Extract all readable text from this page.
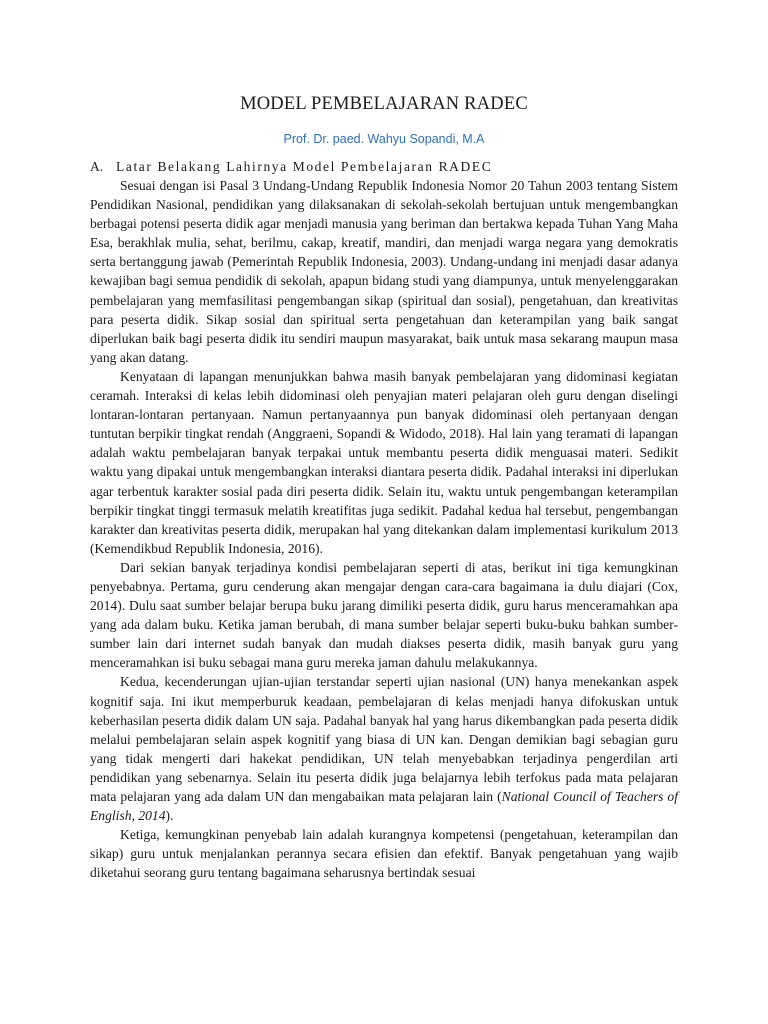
MODEL PEMBELAJARAN RADEC
Prof. Dr. paed. Wahyu Sopandi, M.A

A. Latar Belakang Lahirnya Model Pembelajaran RADEC

Sesuai dengan isi Pasal 3 Undang-Undang Republik Indonesia Nomor 20 Tahun 2003 tentang Sistem Pendidikan Nasional, pendidikan yang dilaksanakan di sekolah-sekolah bertujuan untuk mengembangkan berbagai potensi peserta didik agar menjadi manusia yang beriman dan bertakwa kepada Tuhan Yang Maha Esa, berakhlak mulia, sehat, berilmu, cakap, kreatif, mandiri, dan menjadi warga negara yang demokratis serta bertanggung jawab (Pemerintah Republik Indonesia, 2003). Undang-undang ini menjadi dasar adanya kewajiban bagi semua pendidik di sekolah, apapun bidang studi yang diampunya, untuk menyelenggarakan pembelajaran yang memfasilitasi pengembangan sikap (spiritual dan sosial), pengetahuan, dan kreativitas para peserta didik. Sikap sosial dan spiritual serta pengetahuan dan keterampilan yang baik sangat diperlukan baik bagi peserta didik itu sendiri maupun masyarakat, baik untuk masa sekarang maupun masa yang akan datang.

Kenyataan di lapangan menunjukkan bahwa masih banyak pembelajaran yang didominasi kegiatan ceramah. Interaksi di kelas lebih didominasi oleh penyajian materi pelajaran oleh guru dengan diselingi lontaran-lontaran pertanyaan. Namun pertanyaannya pun banyak didominasi oleh pertanyaan dengan tuntutan berpikir tingkat rendah (Anggraeni, Sopandi & Widodo, 2018). Hal lain yang teramati di lapangan adalah waktu pembelajaran banyak terpakai untuk membantu peserta didik menguasai materi. Sedikit waktu yang dipakai untuk mengembangkan interaksi diantara peserta didik. Padahal interaksi ini diperlukan agar terbentuk karakter sosial pada diri peserta didik. Selain itu, waktu untuk pengembangan keterampilan berpikir tingkat tinggi termasuk melatih kreatifitas juga sedikit. Padahal kedua hal tersebut, pengembangan karakter dan kreativitas peserta didik, merupakan hal yang ditekankan dalam implementasi kurikulum 2013 (Kemendikbud Republik Indonesia, 2016).

Dari sekian banyak terjadinya kondisi pembelajaran seperti di atas, berikut ini tiga kemungkinan penyebabnya. Pertama, guru cenderung akan mengajar dengan cara-cara bagaimana ia dulu diajari (Cox, 2014). Dulu saat sumber belajar berupa buku jarang dimiliki peserta didik, guru harus menceramahkan apa yang ada dalam buku. Ketika jaman berubah, di mana sumber belajar seperti buku-buku bahkan sumber-sumber lain dari internet sudah banyak dan mudah diakses peserta didik, masih banyak guru yang menceramahkan isi buku sebagai mana guru mereka jaman dahulu melakukannya.

Kedua, kecenderungan ujian-ujian terstandar seperti ujian nasional (UN) hanya menekankan aspek kognitif saja. Ini ikut memperburuk keadaan, pembelajaran di kelas menjadi hanya difokuskan untuk keberhasilan peserta didik dalam UN saja. Padahal banyak hal yang harus dikembangkan pada peserta didik melalui pembelajaran selain aspek kognitif yang biasa di UN kan. Dengan demikian bagi sebagian guru yang tidak mengerti dari hakekat pendidikan, UN telah menyebabkan terjadinya pengerdilan arti pendidikan yang sebenarnya. Selain itu peserta didik juga belajarnya lebih terfokus pada mata pelajaran mata pelajaran yang ada dalam UN dan mengabaikan mata pelajaran lain (National Council of Teachers of English, 2014).

Ketiga, kemungkinan penyebab lain adalah kurangnya kompetensi (pengetahuan, keterampilan dan sikap) guru untuk menjalankan perannya secara efisien dan efektif. Banyak pengetahuan yang wajib diketahui seorang guru tentang bagaimana seharusnya bertindak sesuai
